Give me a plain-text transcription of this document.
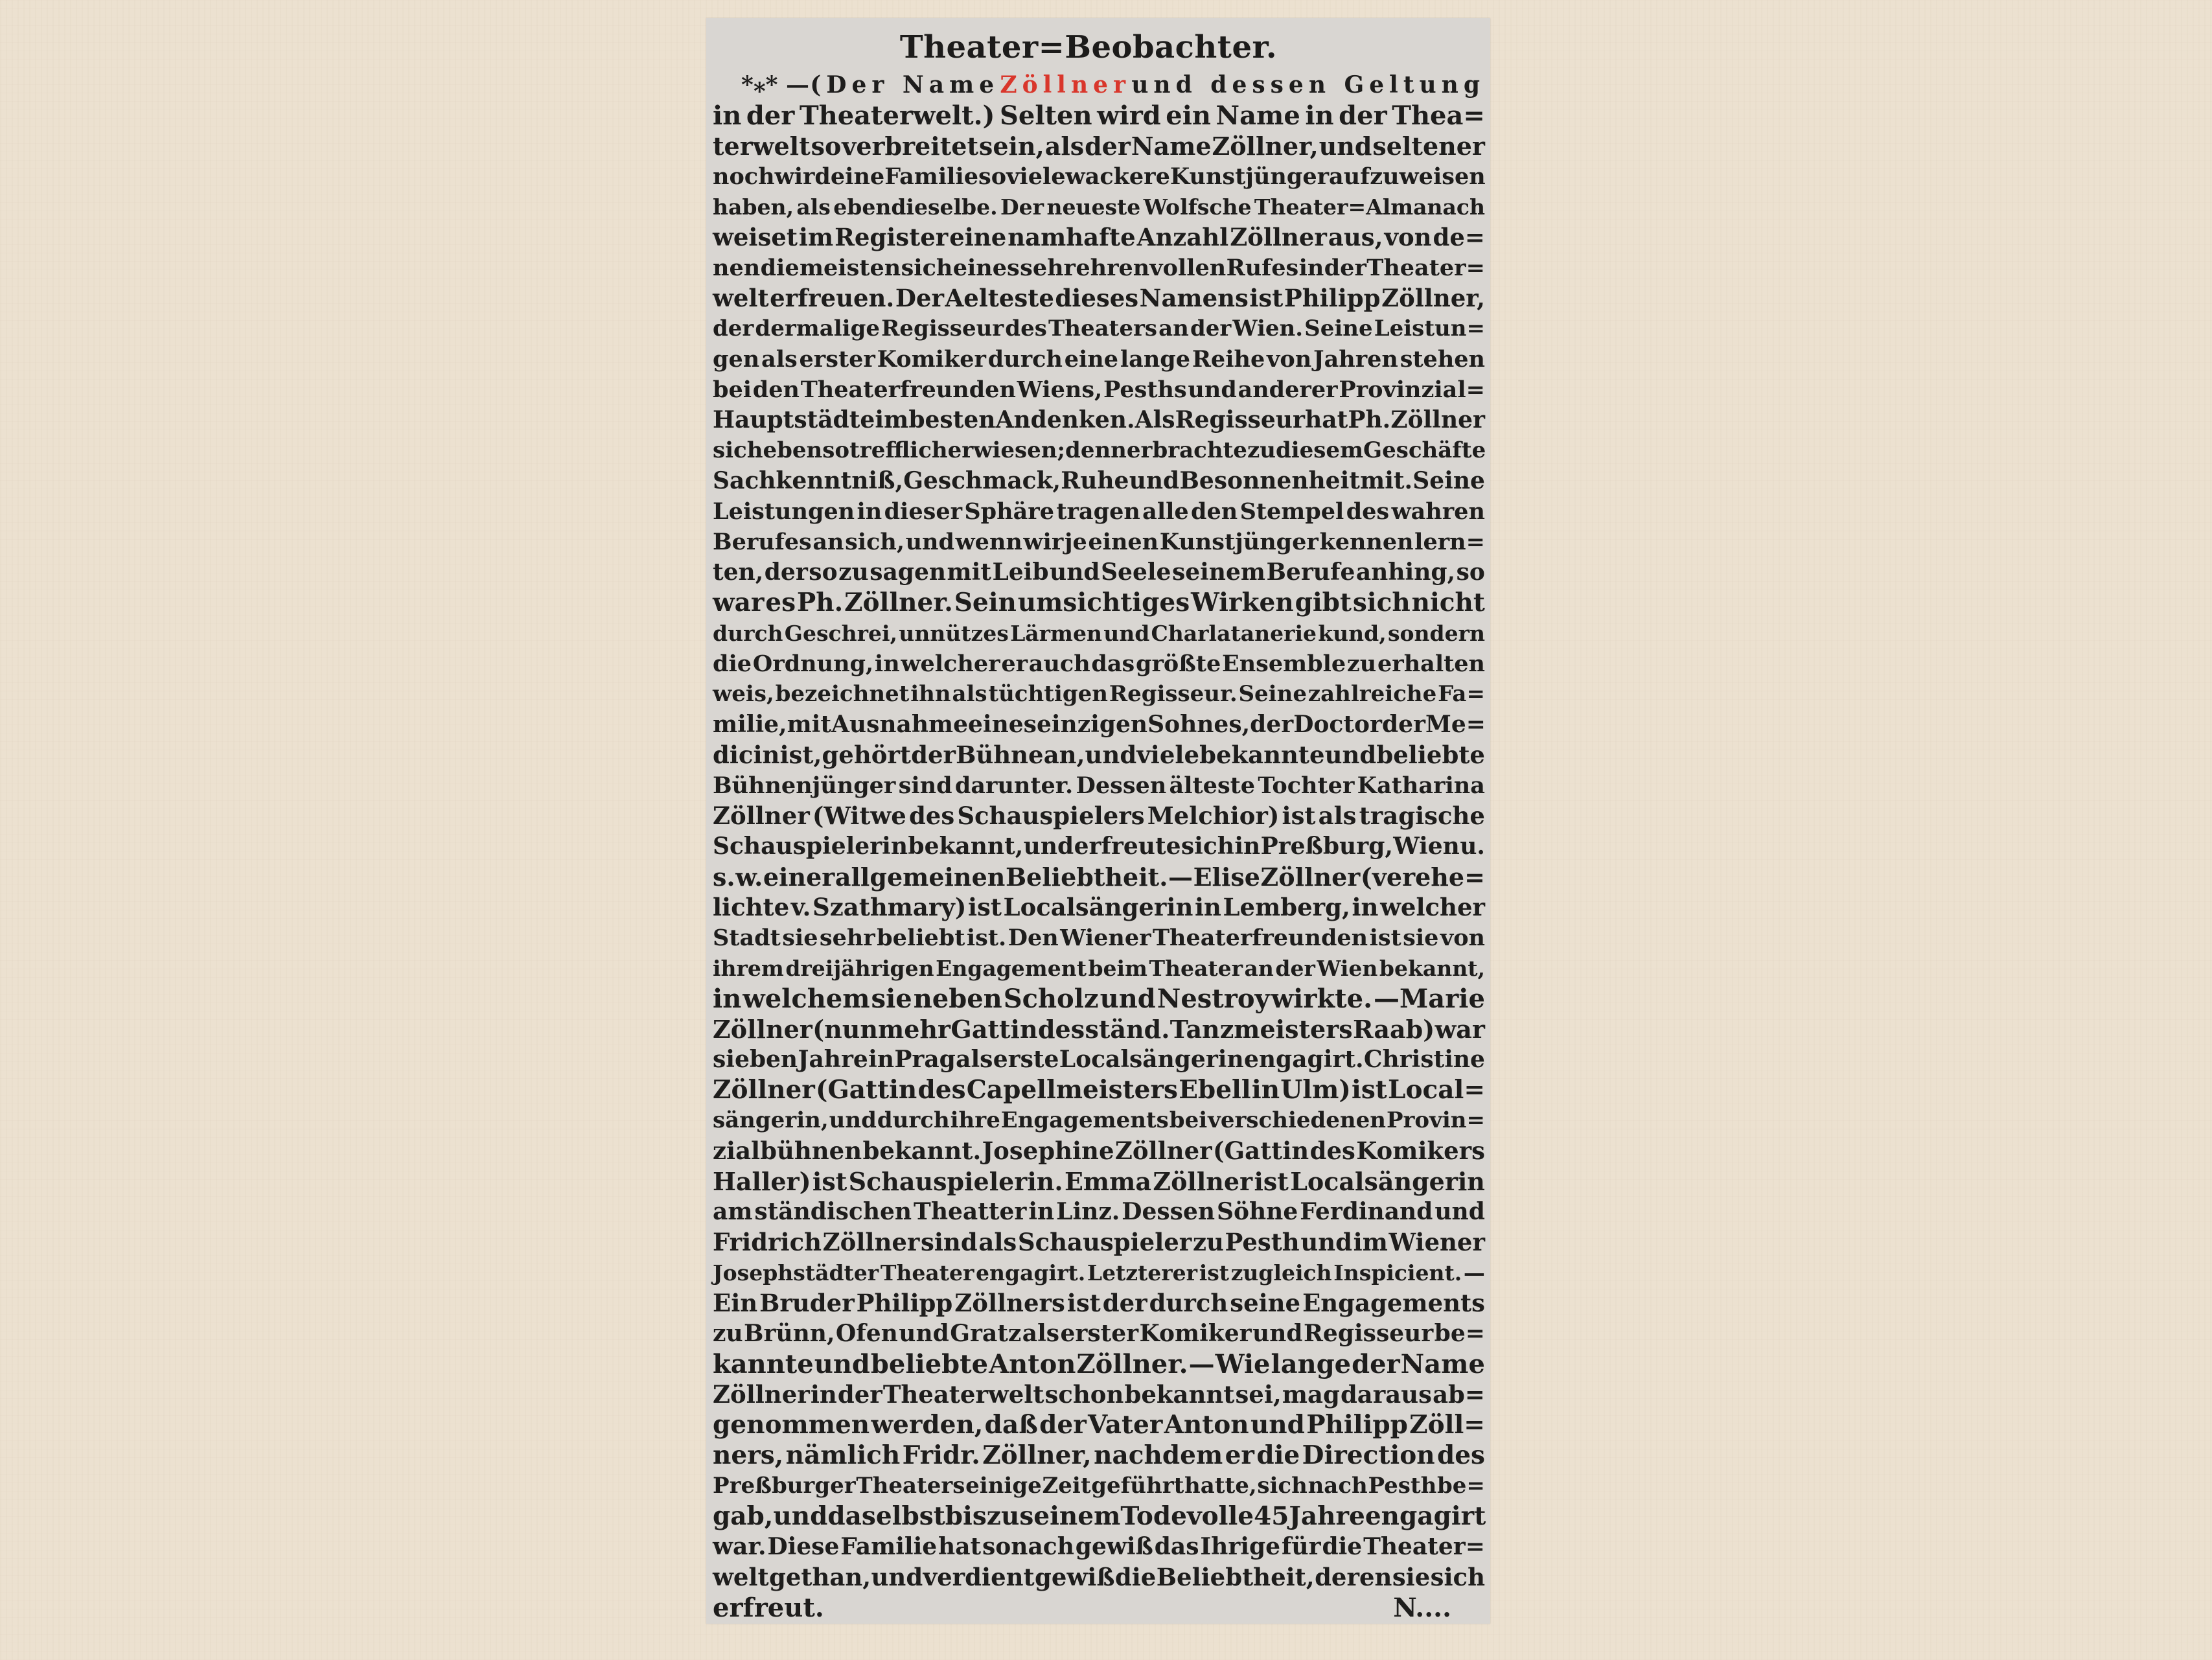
Theater=Beobachter.
*⁎* — (Der Name Zöllner und dessen Geltung
in der Theaterwelt.) Selten wird ein Name in der Thea=
terwelt so verbreitet sein, als der Name Zöllner, und seltener
noch wird eine Familie so viele wackere Kunstjünger aufzuweisen
haben, als ebendieselbe. Der neueste Wolfsche Theater=Almanach
weiset im Register eine namhafte Anzahl Zöllner aus, von de=
nen die meisten sich eines sehr ehrenvollen Rufes in der Theater=
welt erfreuen. Der Aelteste dieses Namens ist Philipp Zöllner,
der dermalige Regisseur des Theaters an der Wien. Seine Leistun=
gen als erster Komiker durch eine lange Reihe von Jahren stehen
bei den Theaterfreunden Wiens, Pesths und anderer Provinzial=
Hauptstädte im besten Andenken. Als Regisseur hat Ph. Zöllner
sich eben so trefflich erwiesen; denn er brachte zu diesem Geschäfte
Sachkenntniß, Geschmack, Ruhe und Besonnenheit mit. Seine
Leistungen in dieser Sphäre tragen alle den Stempel des wahren
Berufes an sich, und wenn wir je einen Kunstjünger kennen lern=
ten, der so zu sagen mit Leib und Seele seinem Berufe anhing, so
war es Ph. Zöllner. Sein umsichtiges Wirken gibt sich nicht
durch Geschrei, unnützes Lärmen und Charlatanerie kund, sondern
die Ordnung, in welcher er auch das größte Ensemble zu erhalten
weis, bezeichnet ihn als tüchtigen Regisseur. Seine zahlreiche Fa=
milie, mit Ausnahme eines einzigen Sohnes, der Doctor der Me=
dicin ist, gehört der Bühne an, und viele bekannte und beliebte
Bühnenjünger sind darunter. Dessen älteste Tochter Katharina
Zöllner (Witwe des Schauspielers Melchior) ist als tragische
Schauspielerin bekannt, und erfreute sich in Preßburg, Wien u.
s. w. einer allgemeinen Beliebtheit. — Elise Zöllner (verehe=
lichte v. Szathmary) ist Localsängerin in Lemberg, in welcher
Stadt sie sehr beliebt ist. Den Wiener Theaterfreunden ist sie von
ihrem dreijährigen Engagement beim Theater an der Wien bekannt,
in welchem sie neben Scholz und Nestroy wirkte. —Marie
Zöllner (nunmehr Gattin des ständ. Tanzmeisters Raab) war
sieben Jahre in Prag als erste Localsängerin engagirt. Christine
Zöllner (Gattin des Capellmeisters Ebell in Ulm) ist Local=
sängerin, und durch ihre Engagements bei verschiedenen Provin=
zialbühnen bekannt. Josephine Zöllner (Gattin des Komikers
Haller) ist Schauspielerin. Emma Zöllner ist Localsängerin
am ständischen Theatter in Linz. Dessen Söhne Ferdinand und
Fridrich Zöllner sind als Schauspieler zu Pesth und im Wiener
Josephstädter Theater engagirt. Letzterer ist zugleich Inspicient. —
Ein Bruder Philipp Zöllners ist der durch seine Engagements
zu Brünn, Ofen und Gratz als erster Komiker und Regisseur be=
kannte und beliebte Anton Zöllner. — Wie lange der Name
Zöllner in der Theaterwelt schon bekannt sei, mag daraus ab=
genommen werden, daß der Vater Anton und Philipp Zöll=
ners, nämlich Fridr. Zöllner, nachdem er die Direction des
Preßburger Theaters einige Zeit geführt hatte, sich nach Pesth be=
gab, und daselbst bis zu seinem Tode volle 45 Jahre engagirt
war. Diese Familie hat sonach gewiß das Ihrige für die Theater=
welt gethan, und verdient gewiß die Beliebtheit, deren sie sich
erfreut.	N....
